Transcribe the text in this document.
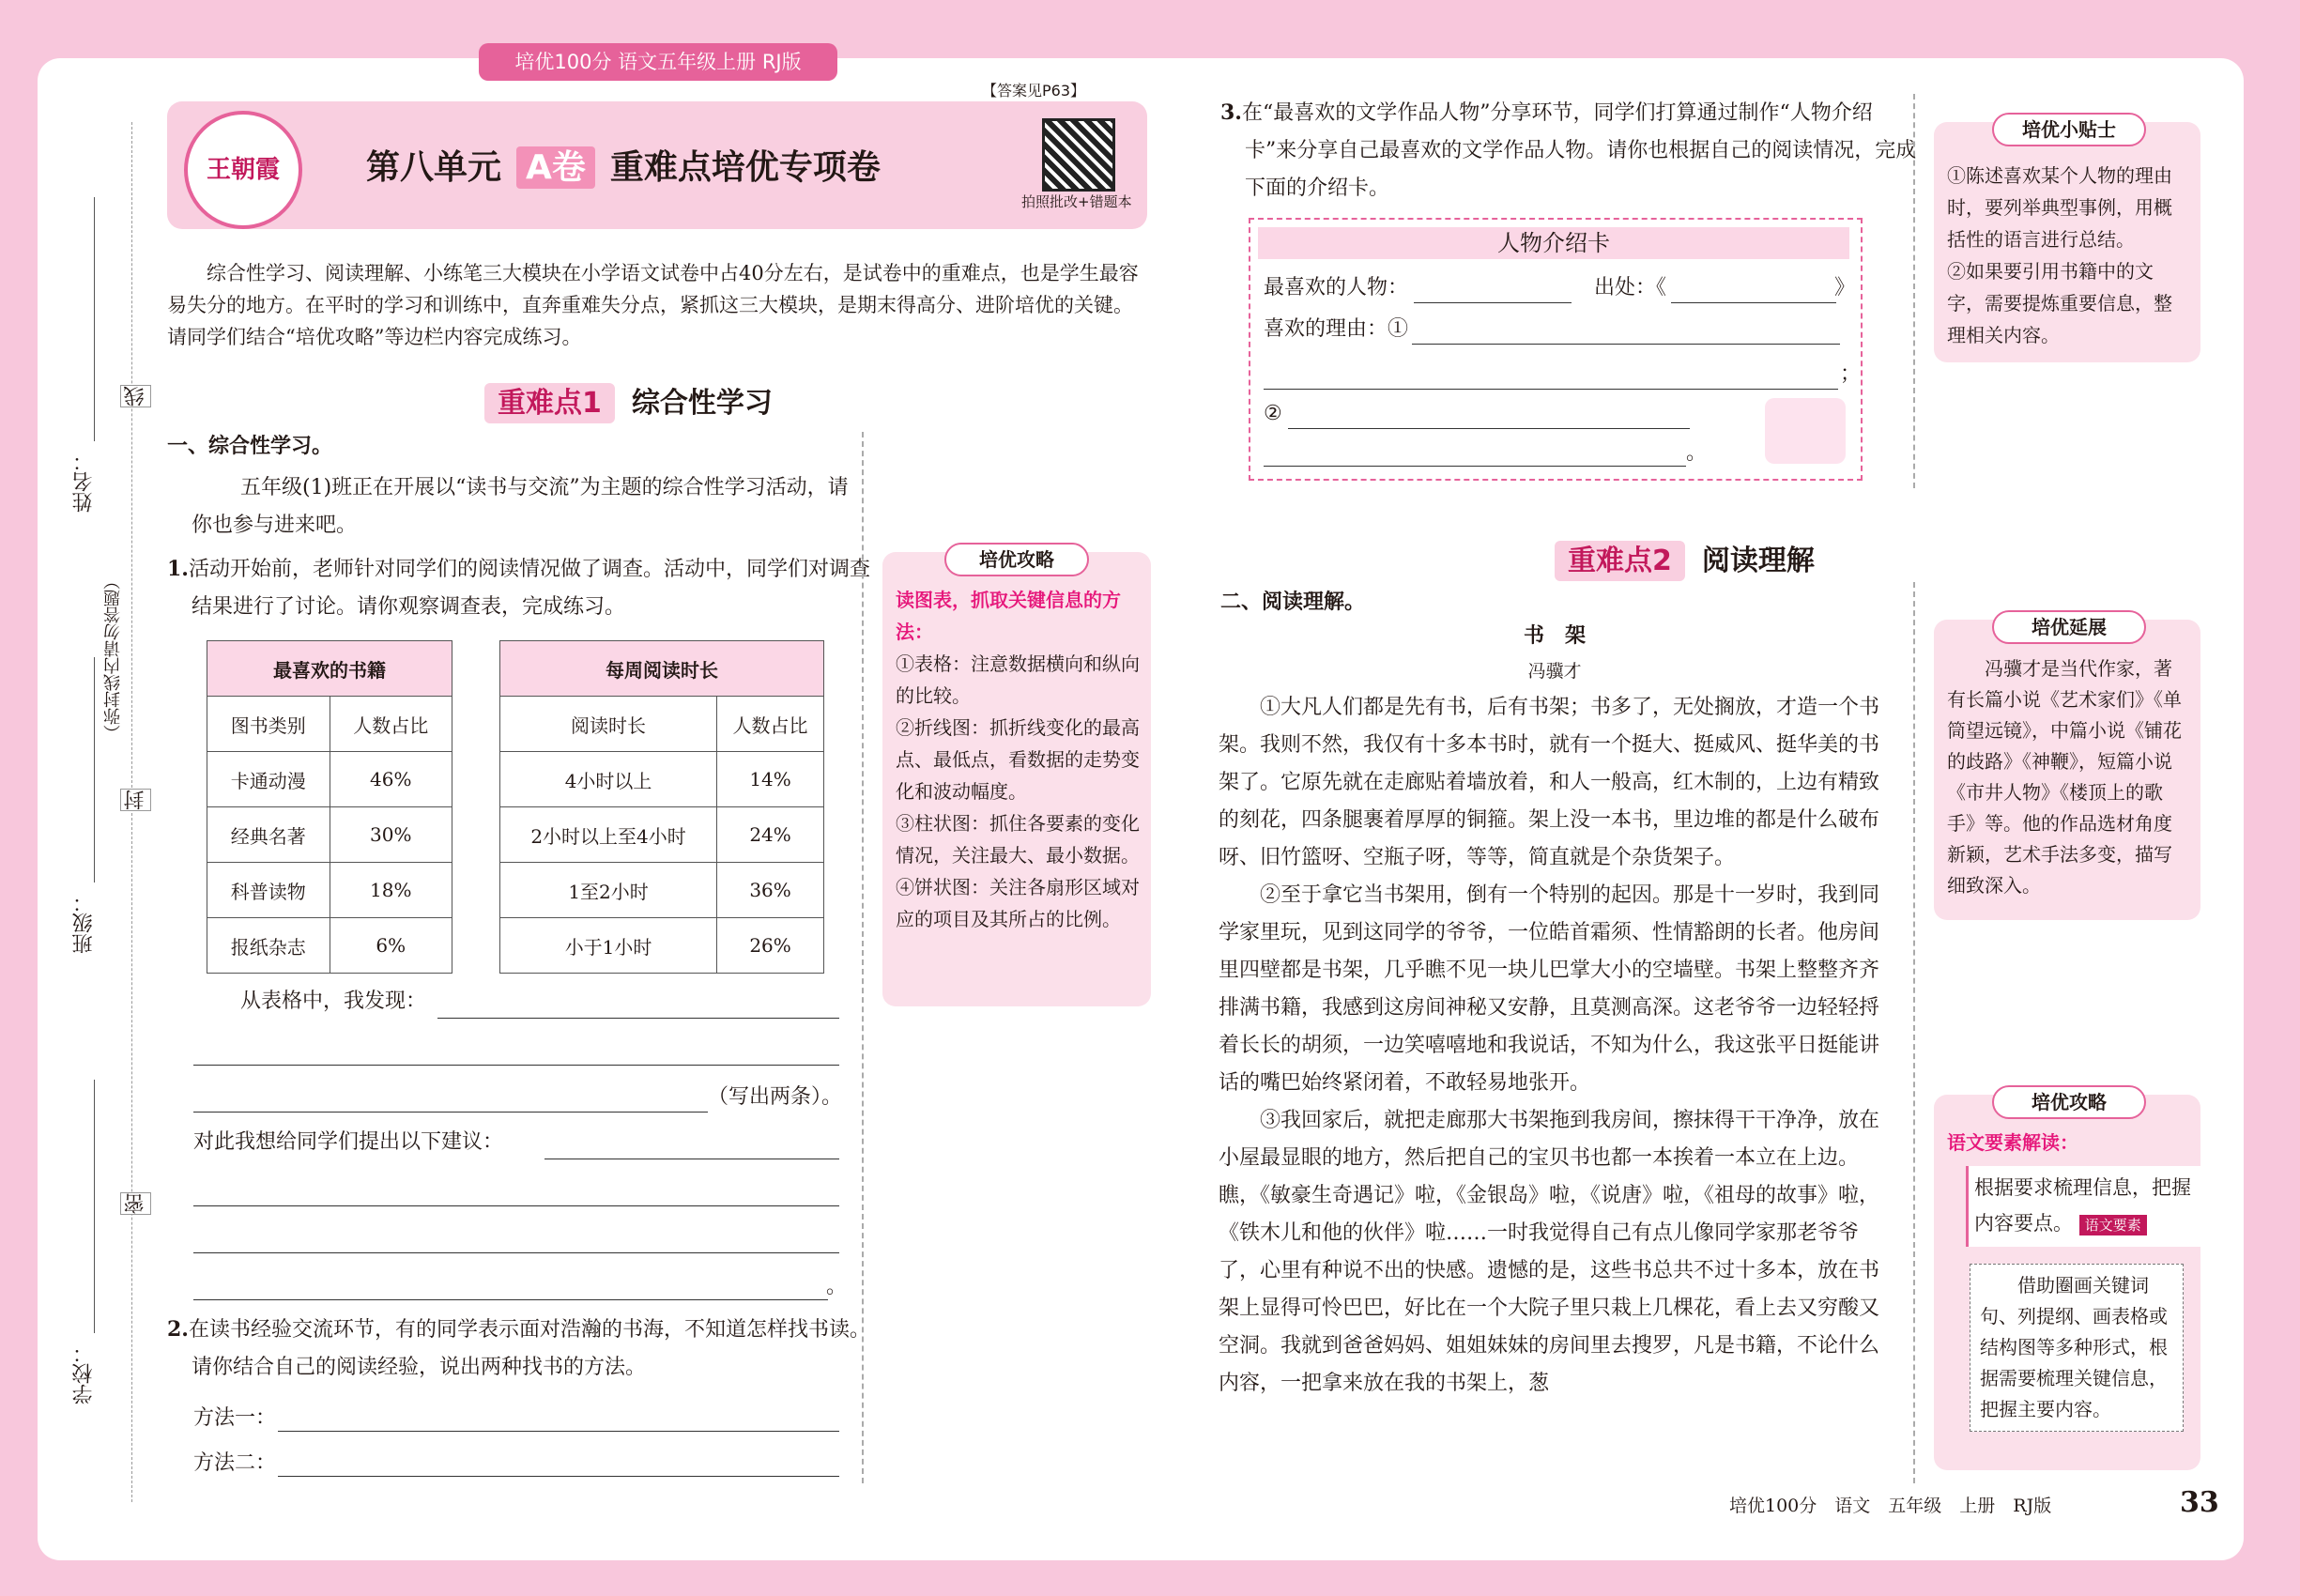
培优100分 语文五年级上册 RJ版
【答案见P63】
王朝霞	第八单元 A卷 重难点培优专项卷
拍照批改+错题本
姓名：
班级：
学校：
线
（弥封线内请勿答题）
封
密
综合性学习、阅读理解、小练笔三大模块在小学语文试卷中占40分左右，是试卷中的重难点，也是学生最容易失分的地方。在平时的学习和训练中，直奔重难失分点，紧抓这三大模块，是期末得高分、进阶培优的关键。请同学们结合“培优攻略”等边栏内容完成练习。
重难点1 综合性学习
一、综合性学习。
五年级(1)班正在开展以“读书与交流”为主题的综合性学习活动，请你也参与进来吧。
1.活动开始前，老师针对同学们的阅读情况做了调查。活动中，同学们对调查结果进行了讨论。请你观察调查表，完成练习。
最喜欢的书籍	
图书类别	人数占比
卡通动漫	46%
经典名著	30%
科普读物	18%
报纸杂志	6%
每周阅读时长	
阅读时长	人数占比
4小时以上	14%
2小时以上至4小时	24%
1至2小时	36%
小于1小时	26%
从表格中，我发现：
（写出两条）。
对此我想给同学们提出以下建议：
。
2.在读书经验交流环节，有的同学表示面对浩瀚的书海，不知道怎样找书读。请你结合自己的阅读经验，说出两种找书的方法。
方法一：
方法二：
培优攻略
读图表，抓取关键信息的方法：
①表格：注意数据横向和纵向的比较。
②折线图：抓折线变化的最高点、最低点，看数据的走势变化和波动幅度。
③柱状图：抓住各要素的变化情况，关注最大、最小数据。
④饼状图：关注各扇形区域对应的项目及其所占的比例。
3.在“最喜欢的文学作品人物”分享环节，同学们打算通过制作“人物介绍卡”来分享自己最喜欢的文学作品人物。请你也根据自己的阅读情况，完成下面的介绍卡。
人物介绍卡
最喜欢的人物：	出处：《	》
喜欢的理由：①
；
②
。
培优小贴士
①陈述喜欢某个人物的理由时，要列举典型事例，用概括性的语言进行总结。
②如果要引用书籍中的文字，需要提炼重要信息，整理相关内容。
重难点2 阅读理解
二、阅读理解。
书　架
冯骥才

①大凡人们都是先有书，后有书架；书多了，无处搁放，才造一个书架。我则不然，我仅有十多本书时，就有一个挺大、挺威风、挺华美的书架了。它原先就在走廊贴着墙放着，和人一般高，红木制的，上边有精致的刻花，四条腿裹着厚厚的铜箍。架上没一本书，里边堆的都是什么破布呀、旧竹篮呀、空瓶子呀，等等，简直就是个杂货架子。

②至于拿它当书架用，倒有一个特别的起因。那是十一岁时，我到同学家里玩，见到这同学的爷爷，一位皓首霜须、性情豁朗的长者。他房间里四壁都是书架，几乎瞧不见一块儿巴掌大小的空墙壁。书架上整整齐齐排满书籍，我感到这房间神秘又安静，且莫测高深。这老爷爷一边轻轻捋着长长的胡须，一边笑嘻嘻地和我说话，不知为什么，我这张平日挺能讲话的嘴巴始终紧闭着，不敢轻易地张开。

③我回家后，就把走廊那大书架拖到我房间，擦抹得干干净净，放在小屋最显眼的地方，然后把自己的宝贝书也都一本挨着一本立在上边。瞧，《敏豪生奇遇记》啦，《金银岛》啦，《说唐》啦，《祖母的故事》啦，《铁木儿和他的伙伴》啦……一时我觉得自己有点儿像同学家那老爷爷了，心里有种说不出的快感。遗憾的是，这些书总共不过十多本，放在书架上显得可怜巴巴，好比在一个大院子里只栽上几棵花，看上去又穷酸又空洞。我就到爸爸妈妈、姐姐妹妹的房间里去搜罗，凡是书籍，不论什么内容，一把拿来放在我的书架上，葱

培优延展
冯骥才是当代作家，著有长篇小说《艺术家们》《单筒望远镜》，中篇小说《铺花的歧路》《神鞭》，短篇小说《市井人物》《楼顶上的歌手》等。他的作品选材角度新颖，艺术手法多变，描写细致深入。
培优攻略
语文要素解读：
根据要求梳理信息，把握内容要点。 语文要素
借助圈画关键词句、列提纲、画表格或结构图等多种形式，根据需要梳理关键信息，把握主要内容。
培优100分　语文　五年级　上册　RJ版	33
